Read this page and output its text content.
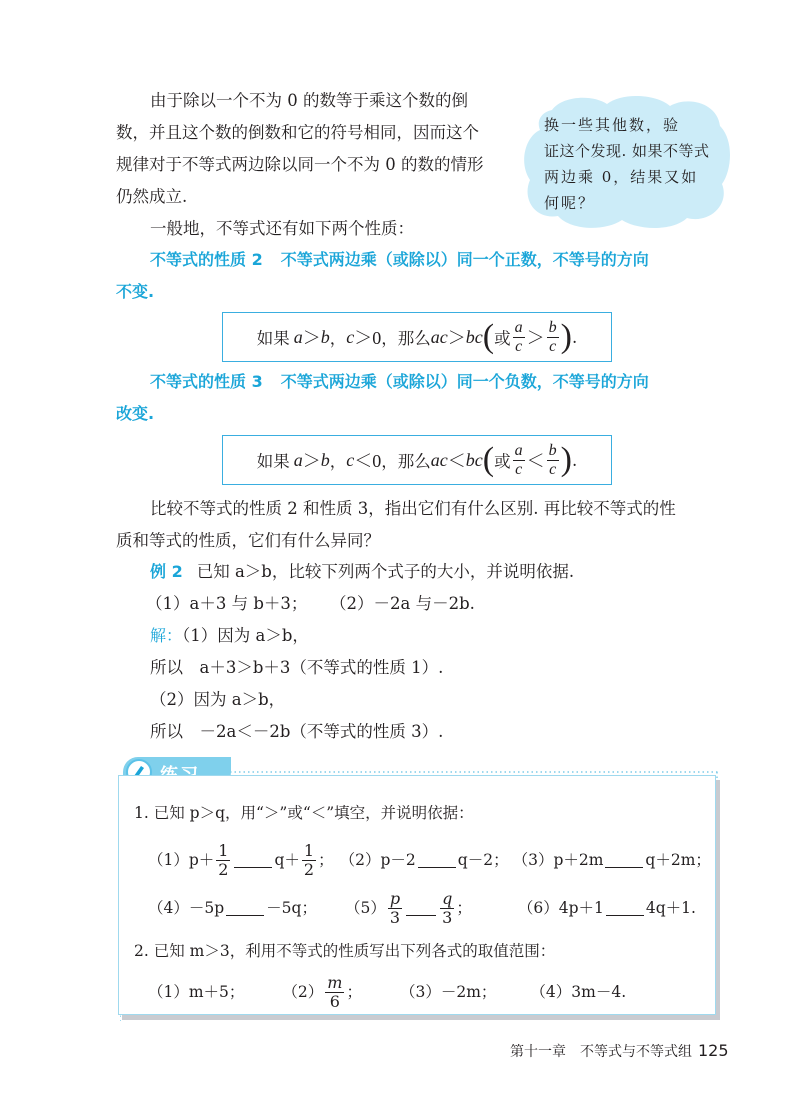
换一些其他数，验
证这个发现. 如果不等式
两边乘 0，结果又如
何呢？
由于除以一个不为 0 的数等于乘这个数的倒
数，并且这个数的倒数和它的符号相同，因而这个
规律对于不等式两边除以同一个不为 0 的数的情形
仍然成立.
一般地，不等式还有如下两个性质：
不等式的性质 2 不等式两边乘（或除以）同一个正数，不等号的方向
不变.
如果 a ＞ b ， c ＞0 ，那么 ac ＞ bc ( 或 $\frac{a}{c} > \frac{b}{c}$ ) .
不等式的性质 3 不等式两边乘（或除以）同一个负数，不等号的方向
改变.
如果 a ＞ b ， c ＜0 ，那么 ac ＜ bc ( 或 $\frac{a}{c} < \frac{b}{c}$ ) .
比较不等式的性质 2 和性质 3，指出它们有什么区别. 再比较不等式的性
质和等式的性质，它们有什么异同？
例 2 已知 a＞b，比较下列两个式子的大小，并说明依据.
（1）a＋3 与 b＋3； （2）－2a 与－2b.
解：（1）因为 a＞b，
所以　a＋3＞b＋3（不等式的性质 1）.
（2）因为 a＞b，
所以　－2a＜－2b（不等式的性质 3）.
1. 已知 p＞q，用“＞”或“＜”填空，并说明依据：
$(1)p+ \frac{1}{2}$	$q+ \frac{1}{2}$ ； （2）p－2	q－2； （3）p＋2m	q＋2m；
（4）－5p	－5q； $(5) \frac{p}{3} \frac{q}{3}$ ；	（6）4p＋1	4q＋1.
2. 已知 m＞3，利用不等式的性质写出下列各式的取值范围：
（1）m＋5； $(2) \frac{m}{6}$ ； （3）－2m； （4）3m－4.
第十一章　不等式与不等式组 125
